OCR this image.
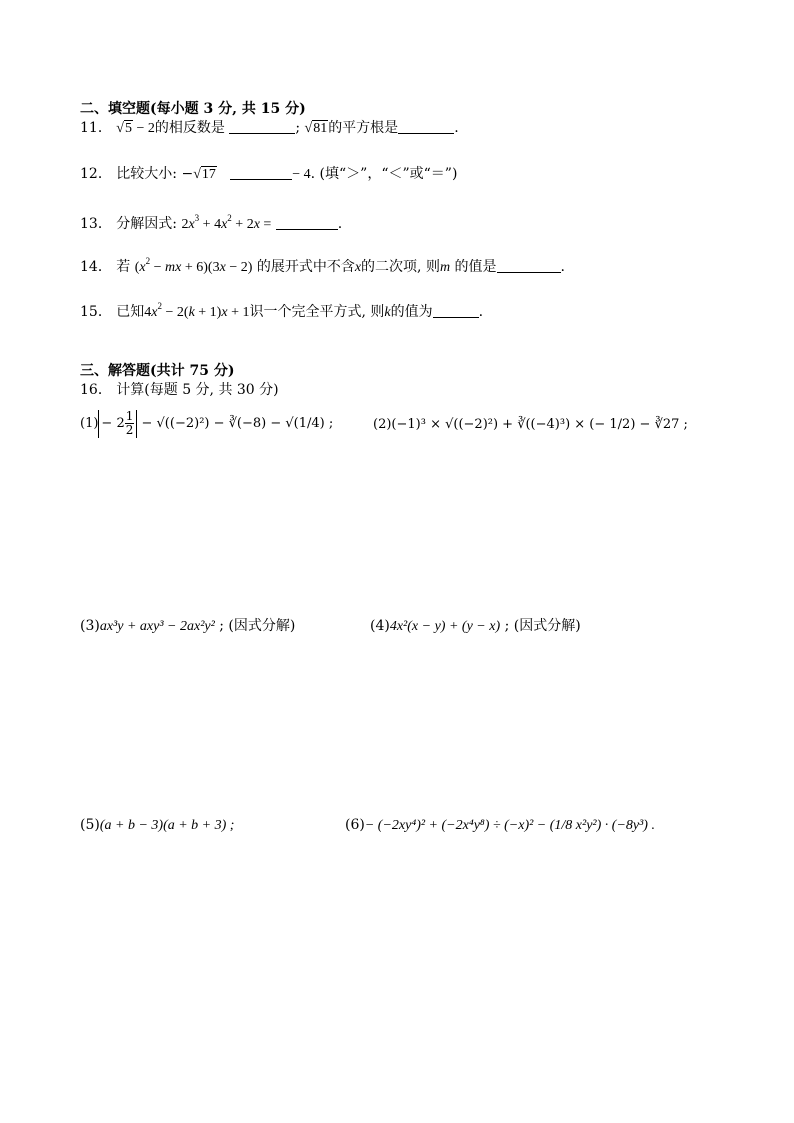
二、填空题(每小题 3 分, 共 15 分)
11． √5 − 2的相反数是	; √81的平方根是	.
12． 比较大小: −√17	− 4. (填“＞”，“＜”或“＝”)
13． 分解因式: $2x^3 + 4x^2 + 2x$ =	.
14． 若 ($x^2$ − mx + 6)(3x − 2) 的展开式中不含x的二次项, 则m 的值是	.
15． 已知$4x^2 - 2(k + 1)x + 1$识一个完全平方式, 则k的值为	.
三、解答题(共计 75 分)
16． 计算(每题 5 分, 共 30 分)
$(1) - 2 \frac{1}{2} - √((-2)^2)$ − ∛(−8) − √(1/4) ;	(2)(−1)³ × √((−2)²) + ∛((−4)³) × (− 1/2) − ∛27 ;
(3)ax³y + axy³ − 2ax²y² ; (因式分解)	(4)4x²(x − y) + (y − x) ; (因式分解)
(5)(a + b − 3)(a + b + 3) ;	(6)− (−2xy⁴)² + (−2x⁴y⁸) ÷ (−x)² − (1/8 x²y²) · (−8y³) .
